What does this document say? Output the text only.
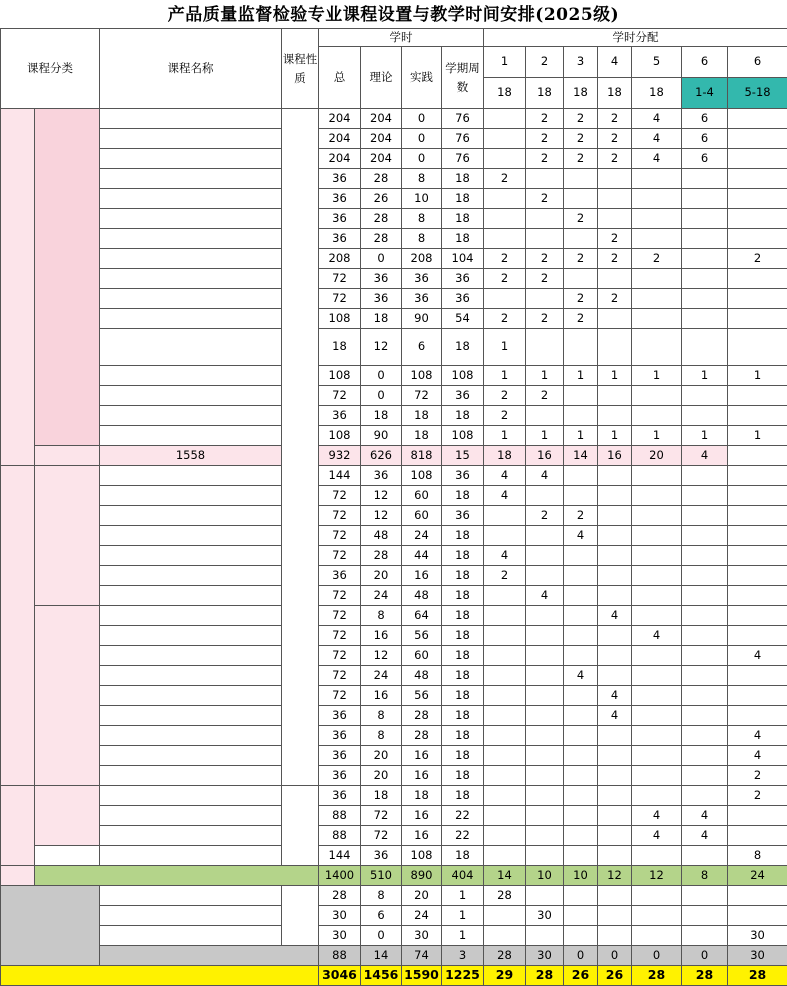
产品质量监督检验专业课程设置与教学时间安排(2025级)
课程分类		课程名称	课程性质	学时				学时分配						
				总	理论	实践	学期周数	1	2	3	4	5	6	6
								18	18	18	18	18	1-4	5-18
				204	204	0	76		2	2	2	4	6	
				204	204	0	76		2	2	2	4	6	
				204	204	0	76		2	2	2	4	6	
				36	28	8	18	2						
				36	26	10	18		2					
				36	28	8	18			2				
				36	28	8	18				2			
				208	0	208	104	2	2	2	2	2		2
				72	36	36	36	2	2					
				72	36	36	36			2	2			
				108	18	90	54	2	2	2				
				18	12	6	18	1						
				108	0	108	108	1	1	1	1	1	1	1
				72	0	72	36	2	2					
				36	18	18	18	2						
				108	90	18	108	1	1	1	1	1	1	1
		1558		932	626	818	15	18	16	14	16	20	4	
				144	36	108	36	4	4					
				72	12	60	18	4						
				72	12	60	36		2	2				
				72	48	24	18			4				
				72	28	44	18	4						
				36	20	16	18	2						
				72	24	48	18		4					
				72	8	64	18				4			
				72	16	56	18					4		
				72	12	60	18							4
				72	24	48	18			4				
				72	16	56	18				4			
				36	8	28	18				4			
				36	8	28	18							4
				36	20	16	18							4
				36	20	16	18							2
				36	18	18	18							2
				88	72	16	22					4	4	
				88	72	16	22					4	4	
				144	36	108	18							8
				1400	510	890	404	14	10	10	12	12	8	24
				28	8	20	1	28						
				30	6	24	1		30					
				30	0	30	1							30
				88	14	74	3	28	30	0	0	0	0	30
				3046	1456	1590	1225	29	28	26	26	28	28	28
